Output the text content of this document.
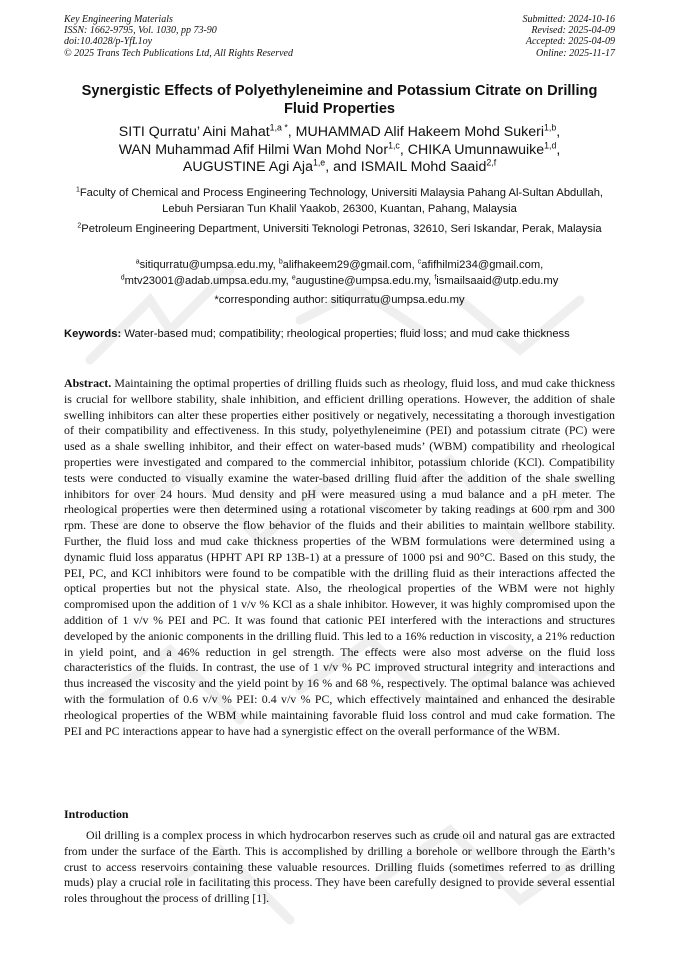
Key Engineering Materials
ISSN: 1662-9795, Vol. 1030, pp 73-90
doi:10.4028/p-YfL1oy
© 2025 Trans Tech Publications Ltd, All Rights Reserved
Submitted: 2024-10-16
Revised: 2025-04-09
Accepted: 2025-04-09
Online: 2025-11-17
Synergistic Effects of Polyethyleneimine and Potassium Citrate on Drilling Fluid Properties
SITI Qurratu’ Aini Mahat$^{1,a *}$, MUHAMMAD Alif Hakeem Mohd Sukeri$^{1,b}$,
WAN Muhammad Afif Hilmi Wan Mohd Nor$^{1,c}$, CHIKA Umunnawuike$^{1,d}$,
AUGUSTINE Agi Aja$^{1,e}$, and ISMAIL Mohd Saaid$^{2,f}$
$^1$Faculty of Chemical and Process Engineering Technology, Universiti Malaysia Pahang Al-Sultan Abdullah, Lebuh Persiaran Tun Khalil Yaakob, 26300, Kuantan, Pahang, Malaysia
$^2$Petroleum Engineering Department, Universiti Teknologi Petronas, 32610, Seri Iskandar, Perak, Malaysia
$^a$sitiqurratu@umpsa.edu.my, $^b$alifhakeem29@gmail.com, $^c$afifhilmi234@gmail.com,
$^d$mtv23001@adab.umpsa.edu.my, $^e$augustine@umpsa.edu.my, $^f$ismailsaaid@utp.edu.my
*corresponding author: sitiqurratu@umpsa.edu.my
Keywords: Water-based mud; compatibility; rheological properties; fluid loss; and mud cake thickness
Abstract. Maintaining the optimal properties of drilling fluids such as rheology, fluid loss, and mud cake thickness is crucial for wellbore stability, shale inhibition, and efficient drilling operations. However, the addition of shale swelling inhibitors can alter these properties either positively or negatively, necessitating a thorough investigation of their compatibility and effectiveness. In this study, polyethyleneimine (PEI) and potassium citrate (PC) were used as a shale swelling inhibitor, and their effect on water-based muds’ (WBM) compatibility and rheological properties were investigated and compared to the commercial inhibitor, potassium chloride (KCl). Compatibility tests were conducted to visually examine the water-based drilling fluid after the addition of the shale swelling inhibitors for over 24 hours. Mud density and pH were measured using a mud balance and a pH meter. The rheological properties were then determined using a rotational viscometer by taking readings at 600 rpm and 300 rpm. These are done to observe the flow behavior of the fluids and their abilities to maintain wellbore stability. Further, the fluid loss and mud cake thickness properties of the WBM formulations were determined using a dynamic fluid loss apparatus (HPHT API RP 13B-1) at a pressure of 1000 psi and 90°C. Based on this study, the PEI, PC, and KCl inhibitors were found to be compatible with the drilling fluid as their interactions affected the optical properties but not the physical state. Also, the rheological properties of the WBM were not highly compromised upon the addition of 1 v/v % KCl as a shale inhibitor. However, it was highly compromised upon the addition of 1 v/v % PEI and PC. It was found that cationic PEI interfered with the interactions and structures developed by the anionic components in the drilling fluid. This led to a 16% reduction in viscosity, a 21% reduction in yield point, and a 46% reduction in gel strength. The effects were also most adverse on the fluid loss characteristics of the fluids. In contrast, the use of 1 v/v % PC improved structural integrity and interactions and thus increased the viscosity and the yield point by 16 % and 68 %, respectively. The optimal balance was achieved with the formulation of 0.6 v/v % PEI: 0.4 v/v % PC, which effectively maintained and enhanced the desirable rheological properties of the WBM while maintaining favorable fluid loss control and mud cake formation. The PEI and PC interactions appear to have had a synergistic effect on the overall performance of the WBM.
Introduction
Oil drilling is a complex process in which hydrocarbon reserves such as crude oil and natural gas are extracted from under the surface of the Earth. This is accomplished by drilling a borehole or wellbore through the Earth’s crust to access reservoirs containing these valuable resources. Drilling fluids (sometimes referred to as drilling muds) play a crucial role in facilitating this process. They have been carefully designed to provide several essential roles throughout the process of drilling [1].
